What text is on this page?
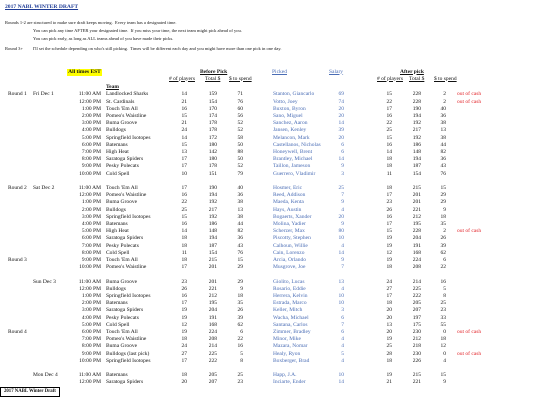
2017 NABL WINTER DRAFT
Rounds 1-2 are structured to make sure draft keeps moving.  Every team has a designated time.
You can pick any time AFTER your designated time.  If you miss your time, the next team might pick ahead of you.
You can pick early, as long as ALL teams ahead of you have made their picks.
Round 3+ I'll set the schedule depending on who's still picking.  Times will be different each day and you might have more than one pick in one day.
All times EST	Before Pick	Picked	Salary	After pick
# of players Total $ $ to spend	# of players Total $ $ to spend
Team
Round 1 Fri Dec 1	11:00 AM Landlocked Sharks	14	159	71	Stanton, Giancarlo	69	15	228	2 out of cash
12:00 PM St. Cardinals	21	154	76	Votto, Joey	74	22	228	2 out of cash
1:00 PM Touch 'Em All	16	170	60	Buxton, Byron	20	17	190	40
2:00 PM Pomeo's Waistline	15	174	56	Sano, Miguel	20	16	194	36
3:00 PM Buma Groove	21	178	52	Sanchez, Aaron	14	22	192	38
4:00 PM Bulldogs	24	178	52	Jansen, Kenley	39	25	217	13
5:00 PM Springfield Isotopes	14	172	58	Melancon, Mark	20	15	192	38
6:00 PM Batemans	15	180	50	Castellanos, Nicholas	6	16	186	44
7:00 PM High Heat	13	142	88	Honeywell, Brent	6	14	148	82
8:00 PM Saratoga Spiders	17	180	50	Brantley, Michael	14	18	194	36
9:00 PM Pesky Polecats	17	178	52	Taillon, Jameson	9	18	187	43
10:00 PM Cold Spell	10	151	79	Guerrero, Vladimir	3	11	154	76
Round 2 Sat Dec 2	11:00 AM Touch 'Em All	17	190	40	Hosmer, Eric	25	18	215	15
12:00 PM Pomeo's Waistline	16	194	36	Reed, Addison	7	17	201	29
1:00 PM Buma Groove	22	192	38	Maeda, Kenta	9	23	201	29
2:00 PM Bulldogs	25	217	13	Hays, Austin	4	26	221	9
3:00 PM Springfield Isotopes	15	192	38	Bogaerts, Xander	20	16	212	18
4:00 PM Batemans	16	186	44	Molina, Yadier	9	17	195	35
5:00 PM High Heat	14	148	82	Scherzer, Max	80	15	228	2 out of cash
6:00 PM Saratoga Spiders	18	194	36	Piscotty, Stephen	10	19	204	26
7:00 PM Pesky Polecats	18	187	43	Calhoun, Willie	4	19	191	39
8:00 PM Cold Spell	11	154	76	Cain, Lorenzo	14	12	168	62
Round 3	9:00 PM Touch 'Em All	18	215	15	Arcia, Orlando	9	19	224	6
10:00 PM Pomeo's Waistline	17	201	29	Musgrove, Joe	7	18	208	22
Sun Dec 3	11:00 AM Buma Groove	23	201	29	Giolito, Lucas	13	24	214	16
12:00 PM Bulldogs	26	221	9	Rosario, Eddie	4	27	225	5
1:00 PM Springfield Isotopes	16	212	18	Herrera, Kelvin	10	17	222	8
2:00 PM Batemans	17	195	35	Estrada, Marco	10	18	205	25
3:00 PM Saratoga Spiders	19	204	26	Keller, Mitch	3	20	207	23
4:00 PM Pesky Polecats	19	191	39	Wacha, Michael	6	20	197	33
5:00 PM Cold Spell	12	168	62	Santana, Carlos	7	13	175	55
Round 4	6:00 PM Touch 'Em All	19	224	6	Zimmer, Bradley	6	20	230	0 out of cash
7:00 PM Pomeo's Waistline	18	208	22	Minor, Mike	4	19	212	18
8:00 PM Buma Groove	24	214	16	Mazara, Nomar	4	25	218	12
9:00 PM Bulldogs (last pick)	27	225	5	Healy, Ryon	5	28	230	0 out of cash
10:00 PM Springfield Isotopes	17	222	8	Boxberger, Brad	4	18	226	4
Mon Dec 4	11:00 AM Batemans	18	205	25	Happ, J.A.	10	19	215	15
12:00 PM Saratoga Spiders	20	207	23	Inciarte, Ender	14	21	221	9
2017 NABL Winter Draft
